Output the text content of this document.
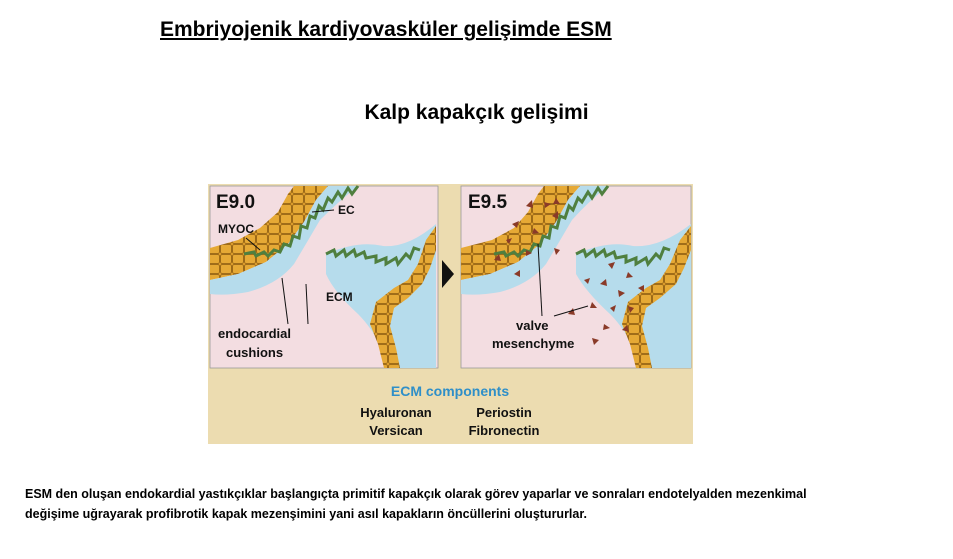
Embriyojenik kardiyovasküler gelişimde ESM
Kalp kapakçık gelişimi
E9.0	EC
MYOC
ECM
endocardial
cushions
E9.5
valve
mesenchyme
ECM components
Hyaluronan
Versican
Periostin
Fibronectin
ESM den oluşan endokardial yastıkçıklar başlangıçta primitif kapakçık olarak görev yaparlar ve sonraları endotelyalden mezenkimal
değişime uğrayarak profibrotik kapak mezenşimini yani asıl kapakların öncüllerini oluştururlar.
